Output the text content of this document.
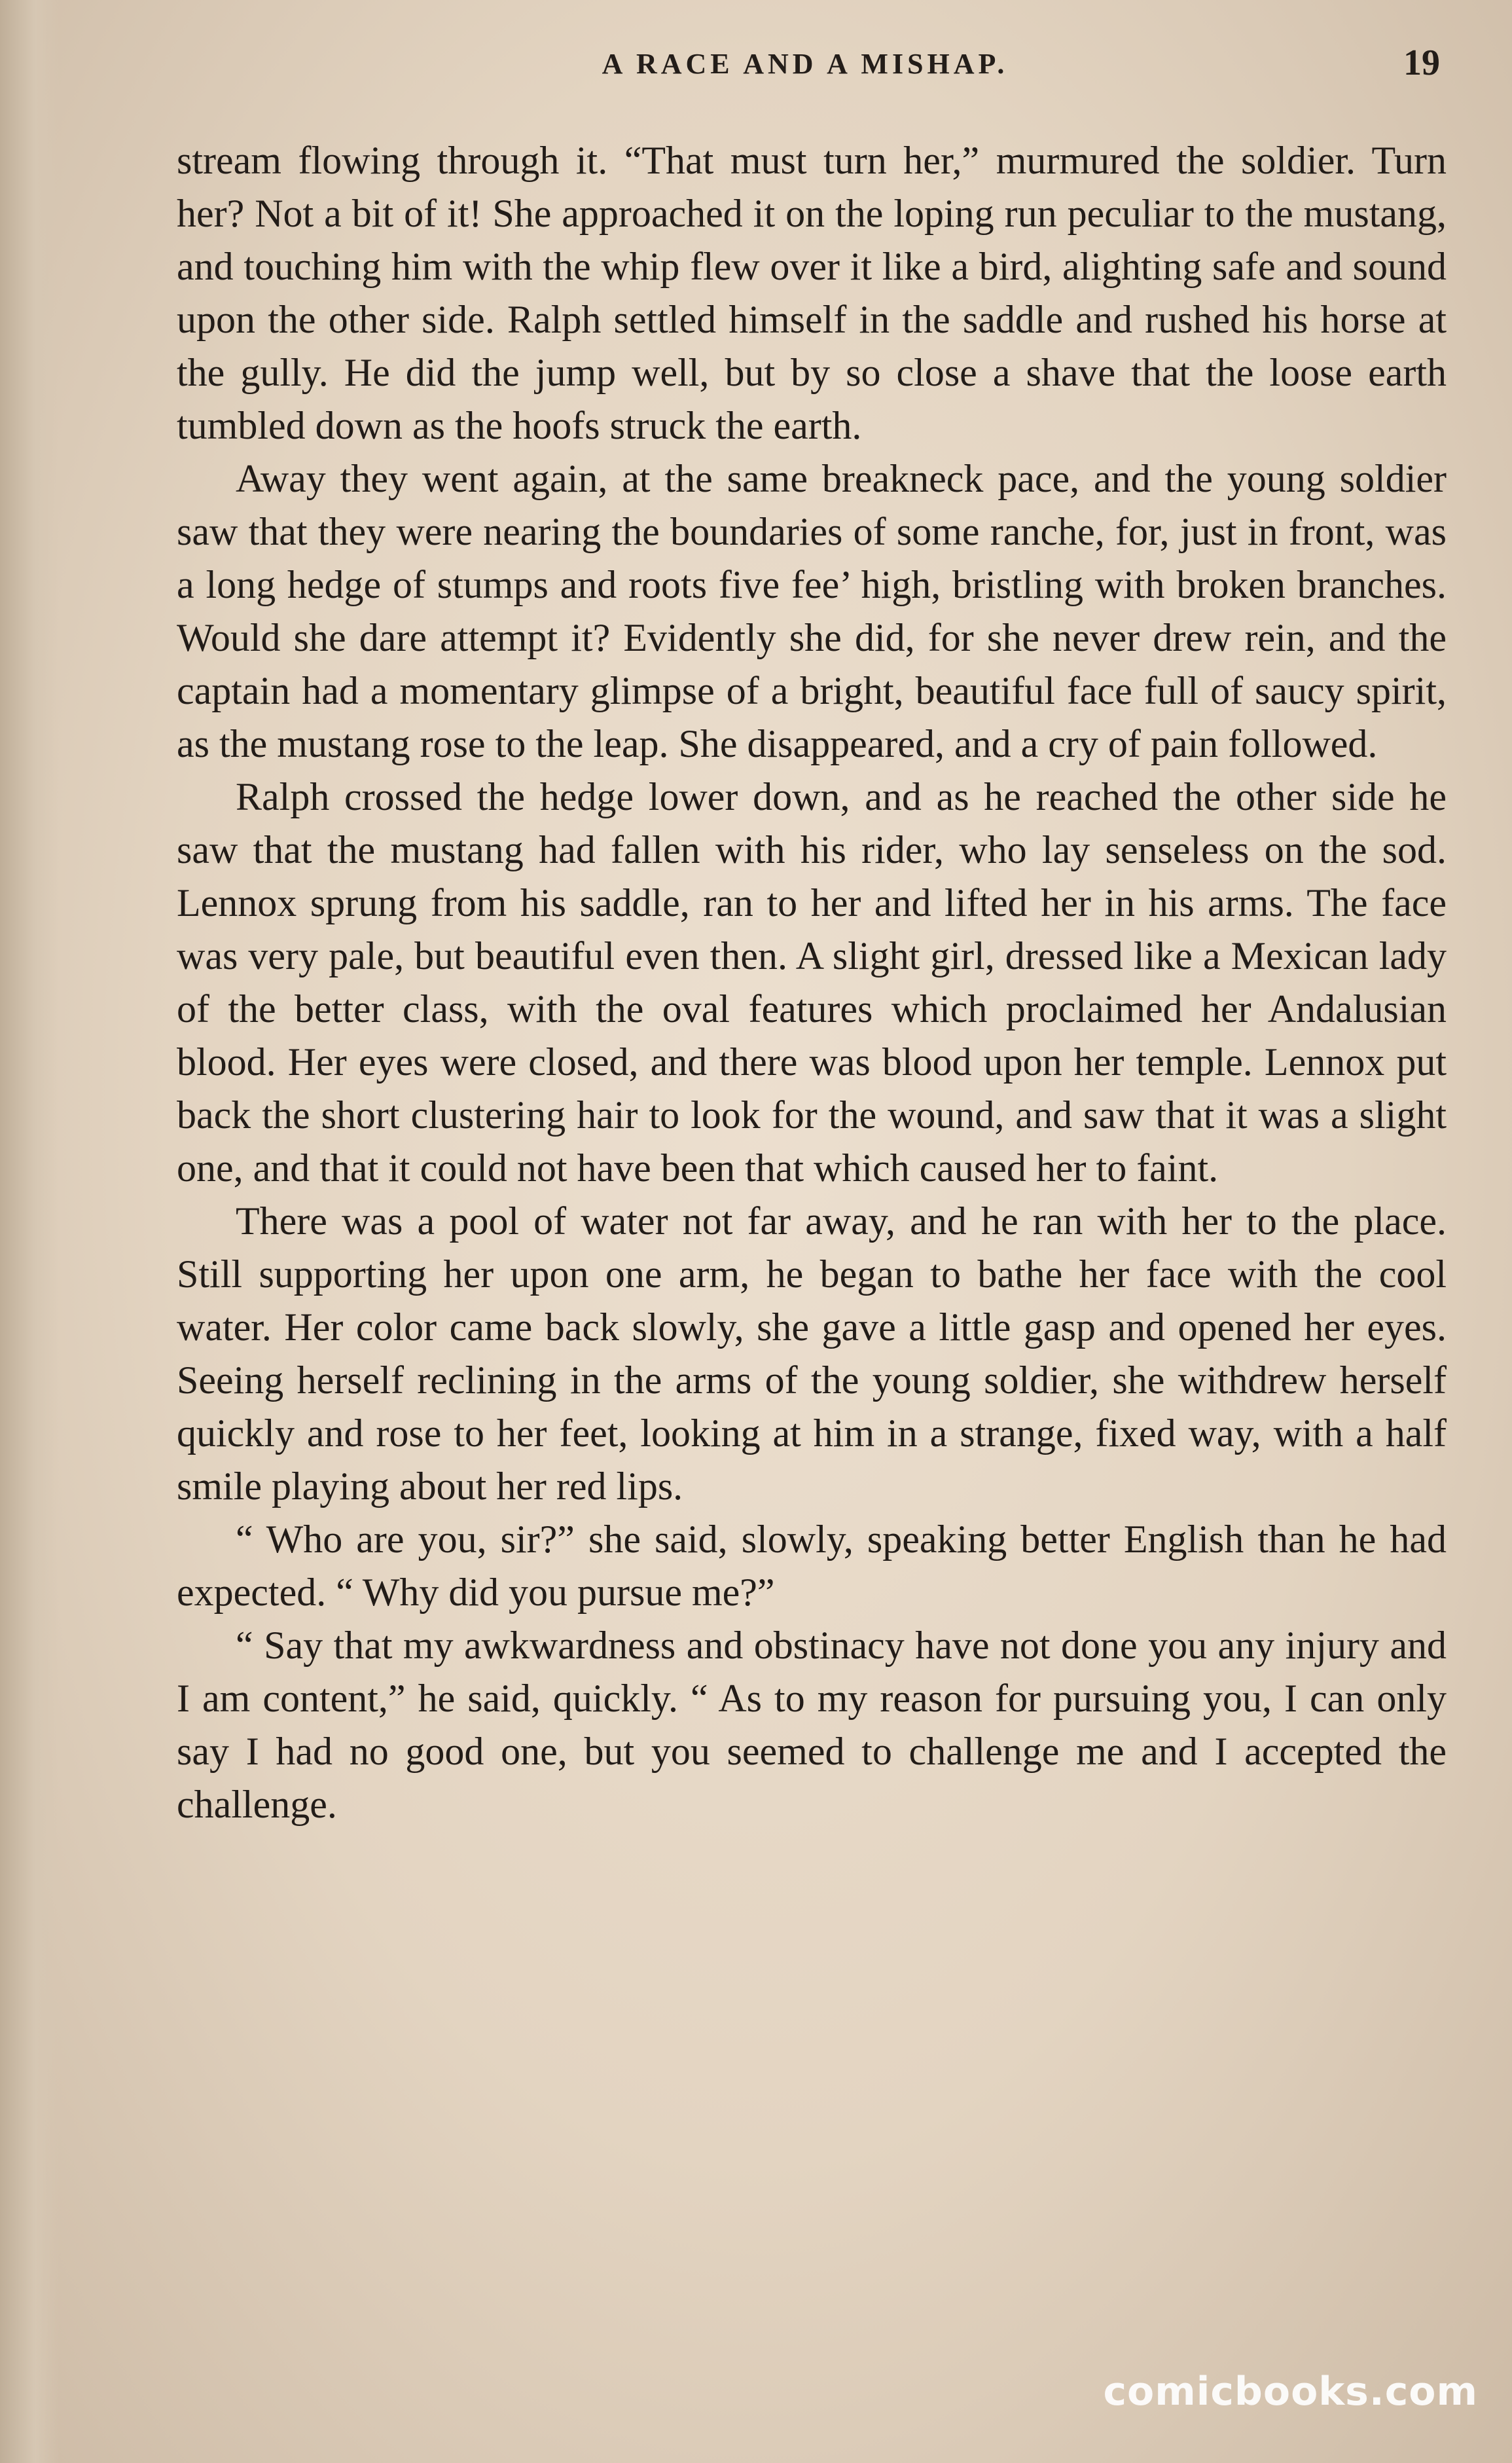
A RACE AND A MISHAP.	19

stream flowing through it. “That must turn her,” murmured the soldier. Turn her? Not a bit of it! She approached it on the loping run peculiar to the mustang, and touching him with the whip flew over it like a bird, alighting safe and sound upon the other side. Ralph settled himself in the saddle and rushed his horse at the gully. He did the jump well, but by so close a shave that the loose earth tumbled down as the hoofs struck the earth.

Away they went again, at the same breakneck pace, and the young soldier saw that they were nearing the boundaries of some ranche, for, just in front, was a long hedge of stumps and roots five fee’ high, bristling with broken branches. Would she dare attempt it? Evidently she did, for she never drew rein, and the captain had a momentary glimpse of a bright, beautiful face full of saucy spirit, as the mustang rose to the leap. She disappeared, and a cry of pain followed.

Ralph crossed the hedge lower down, and as he reached the other side he saw that the mustang had fallen with his rider, who lay senseless on the sod. Lennox sprung from his saddle, ran to her and lifted her in his arms. The face was very pale, but beautiful even then. A slight girl, dressed like a Mexican lady of the better class, with the oval features which proclaimed her Andalusian blood. Her eyes were closed, and there was blood upon her temple. Lennox put back the short clustering hair to look for the wound, and saw that it was a slight one, and that it could not have been that which caused her to faint.

There was a pool of water not far away, and he ran with her to the place. Still supporting her upon one arm, he began to bathe her face with the cool water. Her color came back slowly, she gave a little gasp and opened her eyes. Seeing herself reclining in the arms of the young soldier, she withdrew herself quickly and rose to her feet, looking at him in a strange, fixed way, with a half smile playing about her red lips.

“ Who are you, sir?” she said, slowly, speaking better English than he had expected. “ Why did you pursue me?”

“ Say that my awkwardness and obstinacy have not done you any injury and I am content,” he said, quickly. “ As to my reason for pursuing you, I can only say I had no good one, but you seemed to challenge me and I accepted the challenge.

comicbooks.com
